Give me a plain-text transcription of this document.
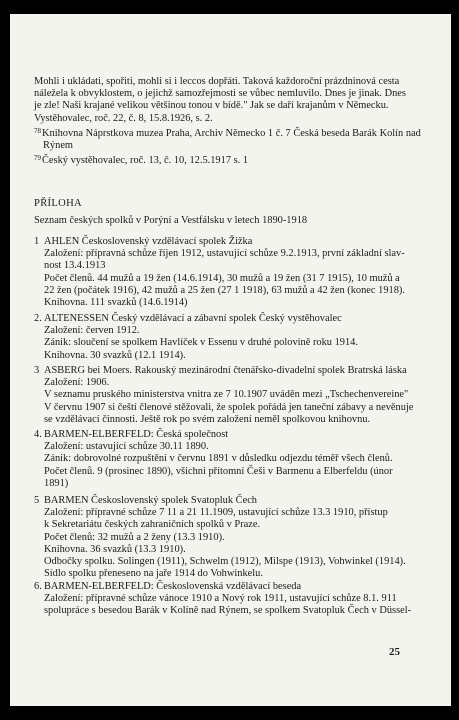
Mohli i ukládati, spořiti, mohli si i leccos dopřáti. Taková každoroční prázdninová cesta

náležela k obvyklostem, o jejichž samozřejmosti se vůbec nemluvilo. Dnes je jinak. Dnes

je zle! Naši krajané velikou většinou tonou v bídě." Jak se daří krajanům v Německu.

Vystěhovalec, roč. 22, č. 8, 15.8.1926, s. 2.

$^{78}$Knihovna Náprstkova muzea Praha, Archiv Německo 1 č. 7 Česká beseda Barák Kolín nad

Rýnem

$^{79}$Český vystěhovalec, roč. 13, č. 10, 12.5.1917 s. 1

PŘÍLOHA

Seznam českých spolků v Porýní a Vestfálsku v letech 1890-1918

1 AHLEN Československý vzdělávací spolek Žižka

Založení: přípravná schůze říjen 1912, ustavující schůze 9.2.1913, první základní slav-

nost 13.4.1913

Počet členů. 44 mužů a 19 žen (14.6.1914), 30 mužů a 19 žen (31 7 1915), 10 mužů a

22 žen (počátek 1916), 42 mužů a 25 žen (27 1 1918), 63 mužů a 42 žen (konec 1918).

Knihovna. 111 svazků (14.6.1914)

2. ALTENESSEN Český vzdělávací a zábavní spolek Český vystěhovalec

Založení: červen 1912.

Zánik: sloučení se spolkem Havlíček v Essenu v druhé polovině roku 1914.

Knihovna. 30 svazků (12.1 1914).

3 ASBERG bei Moers. Rakouský mezinárodní čtenářsko-divadelní spolek Bratrská láska

Založení: 1906.

V seznamu pruského ministerstva vnitra ze 7 10.1907 uváděn mezi „Tschechenvereine"

V červnu 1907 si čeští členové stěžovali, že spolek pořádá jen taneční zábavy a nevěnuje

se vzdělávací činnosti. Ještě rok po svém založení neměl spolkovou knihovnu.

4. BARMEN-ELBERFELD: Česká společnost

Založení: ustavující schůze 30.11 1890.

Zánik: dobrovolné rozpuštění v červnu 1891 v důsledku odjezdu téměř všech členů.

Počet členů. 9 (prosinec 1890), všichni přítomní Češi v Barmenu a Elberfeldu (únor

1891)

5 BARMEN Československý spolek Svatopluk Čech

Založení: přípravné schůze 7 11 a 21 11.1909, ustavující schůze 13.3 1910, přístup

k Sekretariátu českých zahraničních spolků v Praze.

Počet členů: 32 mužů a 2 ženy (13.3 1910).

Knihovna. 36 svazků (13.3 1910).

Odbočky spolku. Solingen (1911), Schwelm (1912), Milspe (1913), Vohwinkel (1914).

Sídlo spolku přeneseno na jaře 1914 do Vohwinkelu.

6. BARMEN-ELBERFELD: Československá vzdělávací beseda

Založení: přípravné schůze vánoce 1910 a Nový rok 1911, ustavující schůze 8.1. 911

spolupráce s besedou Barák v Kolíně nad Rýnem, se spolkem Svatopluk Čech v Düssel-

25
